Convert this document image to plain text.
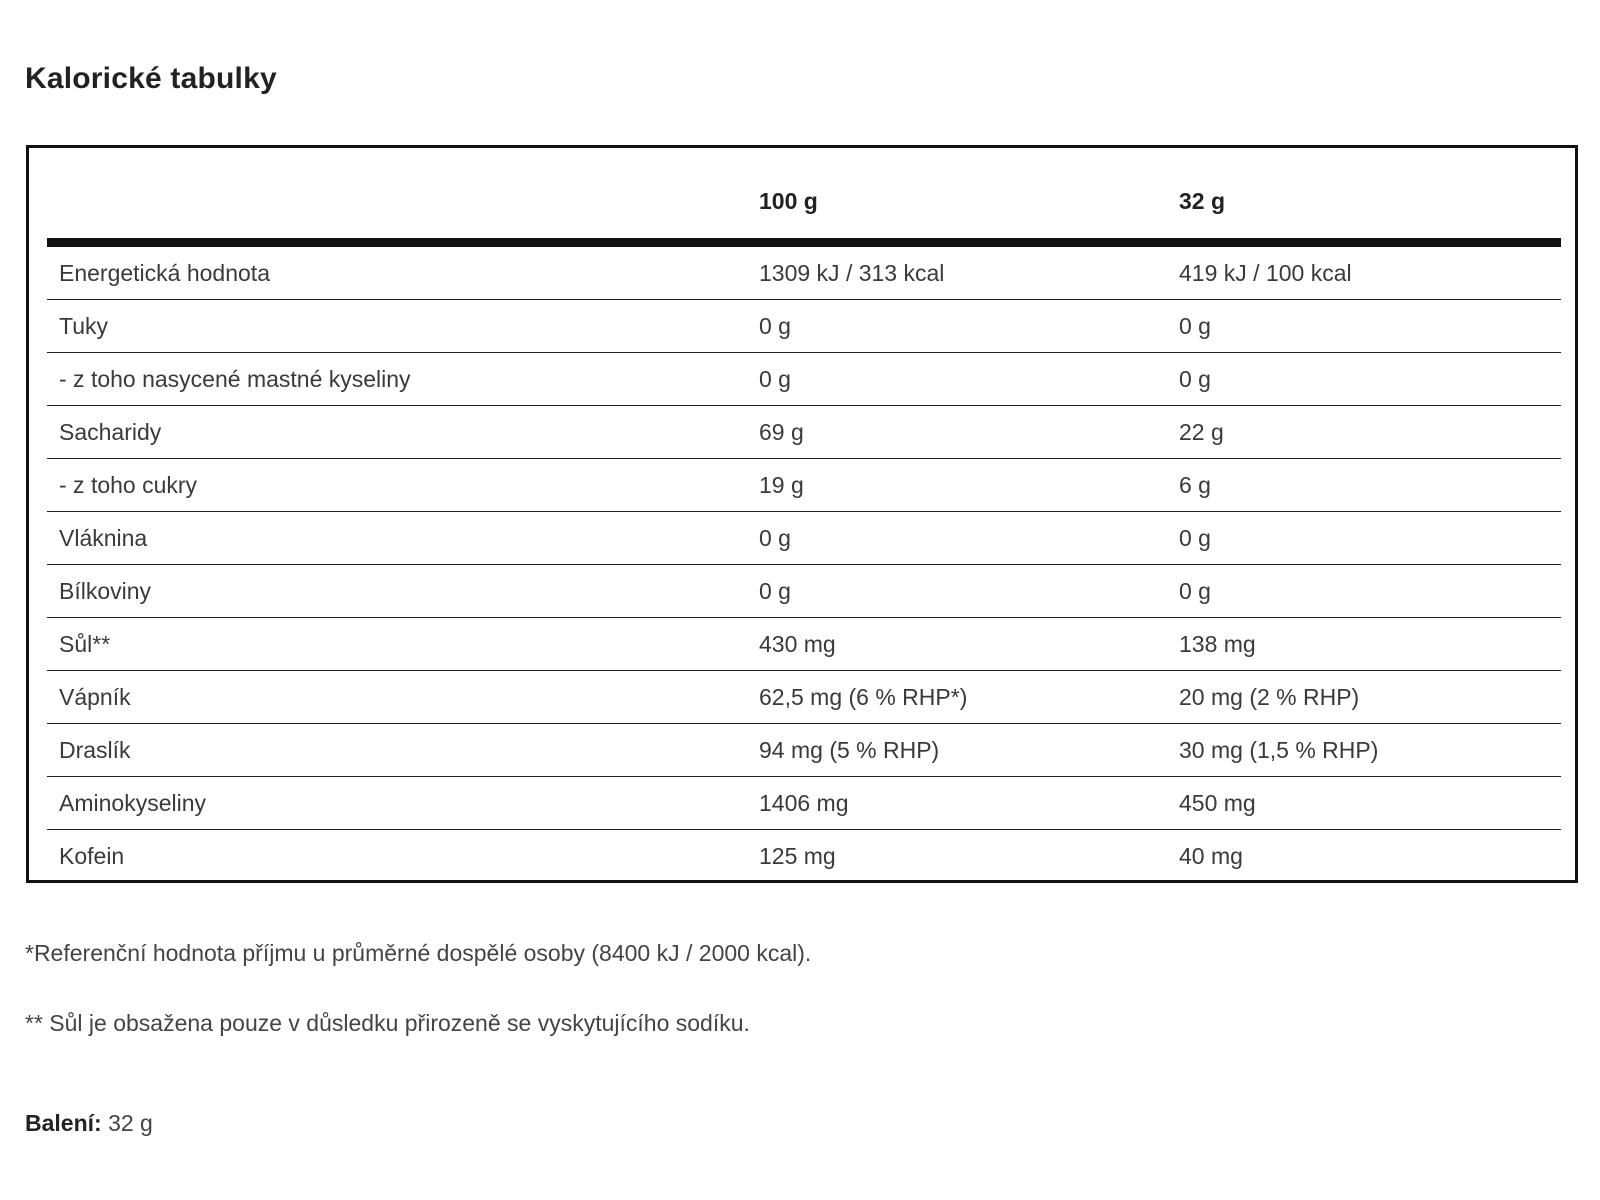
Kalorické tabulky
	100 g	32 g
Energetická hodnota	1309 kJ / 313 kcal	419 kJ / 100 kcal
Tuky	0 g	0 g
- z toho nasycené mastné kyseliny	0 g	0 g
Sacharidy	69 g	22 g
- z toho cukry	19 g	6 g
Vláknina	0 g	0 g
Bílkoviny	0 g	0 g
Sůl**	430 mg	138 mg
Vápník	62,5 mg (6 % RHP*)	20 mg (2 % RHP)
Draslík	94 mg (5 % RHP)	30 mg (1,5 % RHP)
Aminokyseliny	1406 mg	450 mg
Kofein	125 mg	40 mg

*Referenční hodnota příjmu u průměrné dospělé osoby (8400 kJ / 2000 kcal).

** Sůl je obsažena pouze v důsledku přirozeně se vyskytujícího sodíku.

Balení: 32 g
